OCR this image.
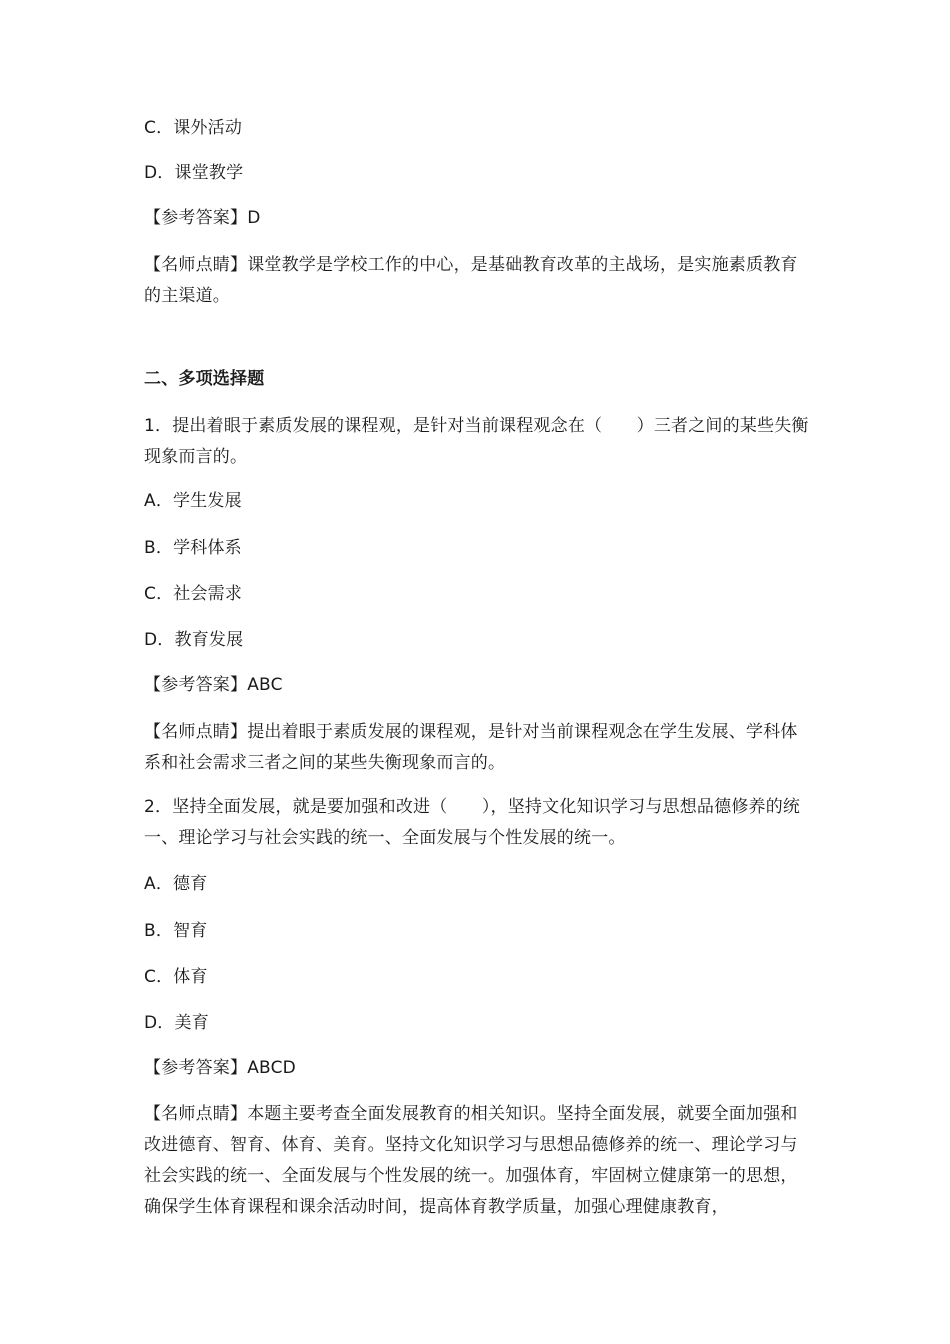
C．课外活动
D．课堂教学
【参考答案】D
【名师点睛】课堂教学是学校工作的中心，是基础教育改革的主战场，是实施素质教育的主渠道。
二、多项选择题
1．提出着眼于素质发展的课程观，是针对当前课程观念在（　　）三者之间的某些失衡现象而言的。
A．学生发展
B．学科体系
C．社会需求
D．教育发展
【参考答案】ABC
【名师点睛】提出着眼于素质发展的课程观，是针对当前课程观念在学生发展、学科体系和社会需求三者之间的某些失衡现象而言的。
2．坚持全面发展，就是要加强和改进（　　），坚持文化知识学习与思想品德修养的统一、理论学习与社会实践的统一、全面发展与个性发展的统一。
A．德育
B．智育
C．体育
D．美育
【参考答案】ABCD
【名师点睛】本题主要考查全面发展教育的相关知识。坚持全面发展，就要全面加强和改进德育、智育、体育、美育。坚持文化知识学习与思想品德修养的统一、理论学习与社会实践的统一、全面发展与个性发展的统一。加强体育，牢固树立健康第一的思想，确保学生体育课程和课余活动时间，提高体育教学质量，加强心理健康教育，
